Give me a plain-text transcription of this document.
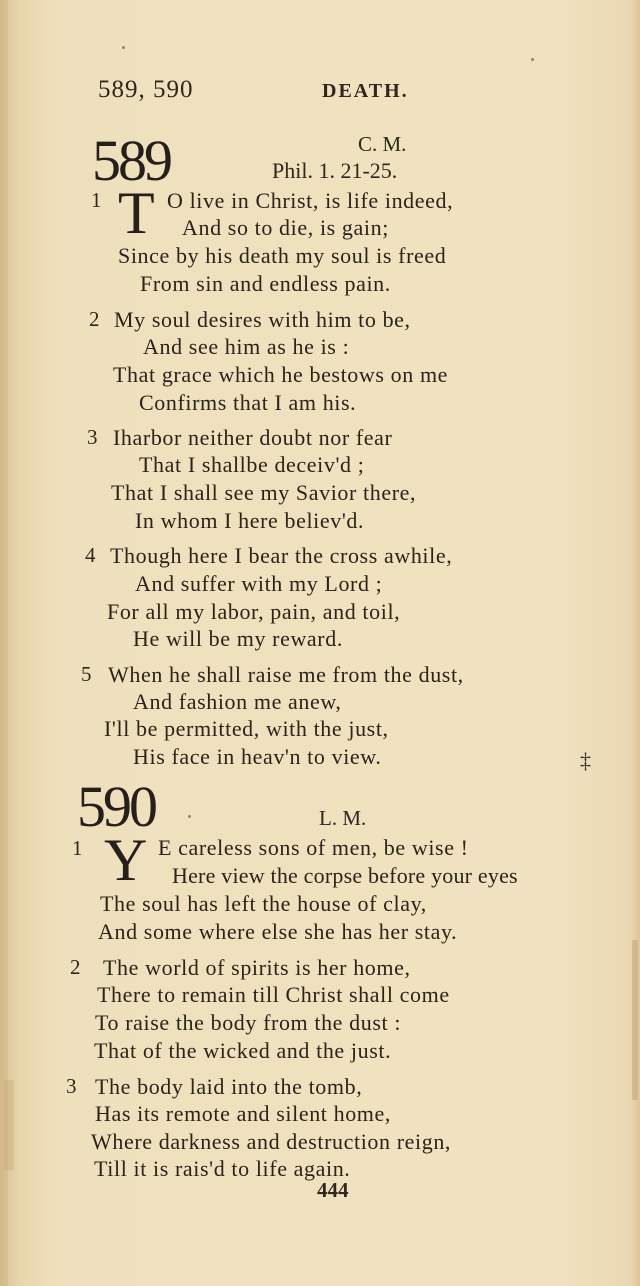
589, 590	DEATH.
589	C. M.
Phil. 1. 21-25.
1 T O live in Christ, is life indeed,
And so to die, is gain;
Since by his death my soul is freed
From sin and endless pain.
2 My soul desires with him to be,
And see him as he is :
That grace which he bestows on me
Confirms that I am his.
3 Iharbor neither doubt nor fear
That I shallbe deceiv'd ;
That I shall see my Savior there,
In whom I here believ'd.
4 Though here I bear the cross awhile,
And suffer with my Lord ;
For all my labor, pain, and toil,
He will be my reward.
5 When he shall raise me from the dust,
And fashion me anew,
I'll be permitted, with the just,
His face in heav'n to view.	‡
590	L. M.
1 Y E careless sons of men, be wise !
Here view the corpse before your eyes
The soul has left the house of clay,
And some where else she has her stay.
2 The world of spirits is her home,
There to remain till Christ shall come
To raise the body from the dust :
That of the wicked and the just.
3 The body laid into the tomb,
Has its remote and silent home,
Where darkness and destruction reign,
Till it is rais'd to life again.
444
